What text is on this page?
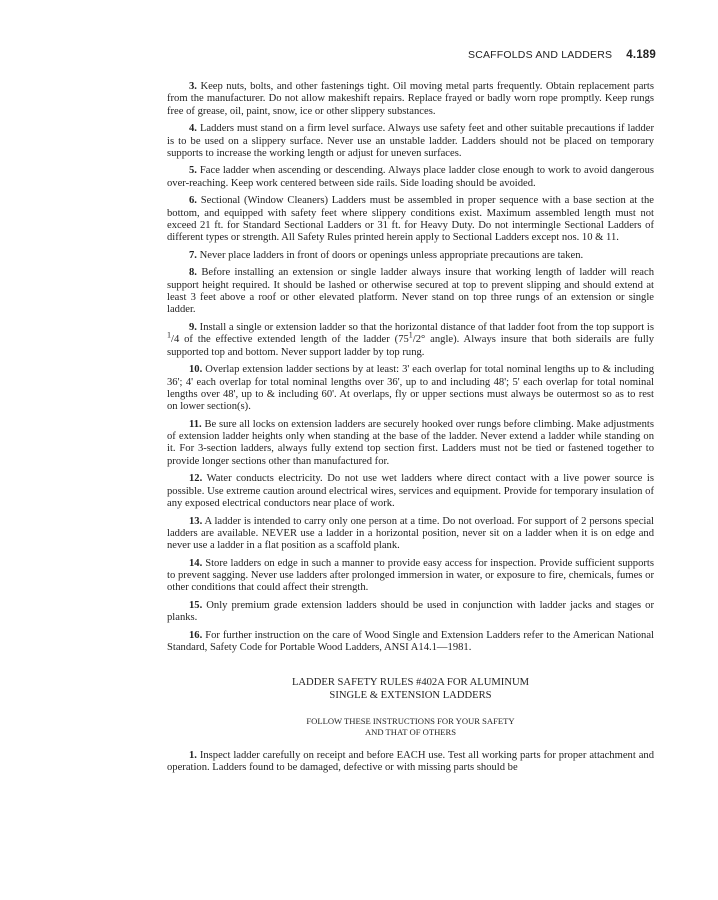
SCAFFOLDS AND LADDERS 4.189

3. Keep nuts, bolts, and other fastenings tight. Oil moving metal parts frequently. Obtain replacement parts from the manufacturer. Do not allow makeshift repairs. Replace frayed or badly worn rope promptly. Keep rungs free of grease, oil, paint, snow, ice or other slippery substances.

4. Ladders must stand on a firm level surface. Always use safety feet and other suitable precautions if ladder is to be used on a slippery surface. Never use an unstable ladder. Ladders should not be placed on temporary supports to increase the working length or adjust for uneven surfaces.

5. Face ladder when ascending or descending. Always place ladder close enough to work to avoid dangerous over-reaching. Keep work centered between side rails. Side loading should be avoided.

6. Sectional (Window Cleaners) Ladders must be assembled in proper sequence with a base section at the bottom, and equipped with safety feet where slippery conditions exist. Maximum assembled length must not exceed 21 ft. for Standard Sectional Ladders or 31 ft. for Heavy Duty. Do not intermingle Sectional Ladders of different types or strength. All Safety Rules printed herein apply to Sectional Ladders except nos. 10 & 11.

7. Never place ladders in front of doors or openings unless appropriate precautions are taken.

8. Before installing an extension or single ladder always insure that working length of ladder will reach support height required. It should be lashed or otherwise secured at top to prevent slipping and should extend at least 3 feet above a roof or other elevated platform. Never stand on top three rungs of an extension or single ladder.

9. Install a single or extension ladder so that the horizontal distance of that ladder foot from the top support is $^1$/4 of the effective extended length of the ladder ($75^1/2^\circ$ angle). Always insure that both siderails are fully supported top and bottom. Never support ladder by top rung.

10. Overlap extension ladder sections by at least: 3' each overlap for total nominal lengths up to & including 36'; 4' each overlap for total nominal lengths over 36', up to and including 48'; 5' each overlap for total nominal lengths over 48', up to & including 60'. At overlaps, fly or upper sections must always be outermost so as to rest on lower section(s).

11. Be sure all locks on extension ladders are securely hooked over rungs before climbing. Make adjustments of extension ladder heights only when standing at the base of the ladder. Never extend a ladder while standing on it. For 3-section ladders, always fully extend top section first. Ladders must not be tied or fastened together to provide longer sections other than manufactured for.

12. Water conducts electricity. Do not use wet ladders where direct contact with a live power source is possible. Use extreme caution around electrical wires, services and equipment. Provide for temporary insulation of any exposed electrical conductors near place of work.

13. A ladder is intended to carry only one person at a time. Do not overload. For support of 2 persons special ladders are available. NEVER use a ladder in a horizontal position, never sit on a ladder when it is on edge and never use a ladder in a flat position as a scaffold plank.

14. Store ladders on edge in such a manner to provide easy access for inspection. Provide sufficient supports to prevent sagging. Never use ladders after prolonged immersion in water, or exposure to fire, chemicals, fumes or other conditions that could affect their strength.

15. Only premium grade extension ladders should be used in conjunction with ladder jacks and stages or planks.

16. For further instruction on the care of Wood Single and Extension Ladders refer to the American National Standard, Safety Code for Portable Wood Ladders, ANSI A14.1—1981.

LADDER SAFETY RULES #402A FOR ALUMINUM
SINGLE & EXTENSION LADDERS
FOLLOW THESE INSTRUCTIONS FOR YOUR SAFETY
AND THAT OF OTHERS

1. Inspect ladder carefully on receipt and before EACH use. Test all working parts for proper attachment and operation. Ladders found to be damaged, defective or with missing parts should be
